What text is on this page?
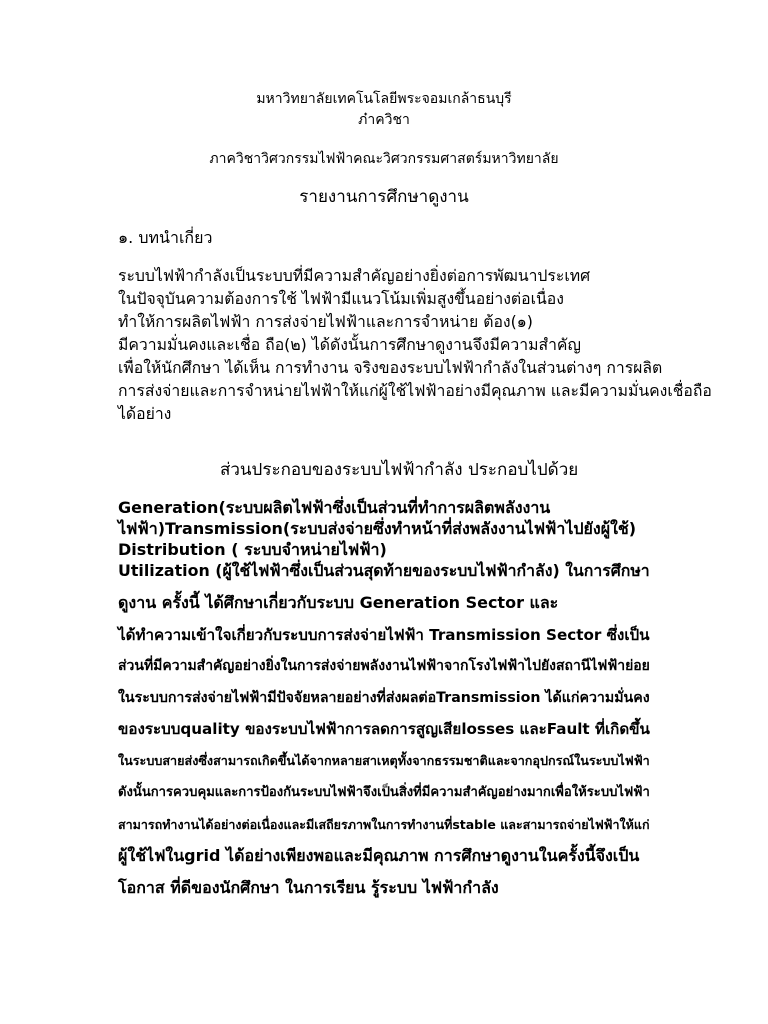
มหาวิทยาลัยเทคโนโลยีพระจอมเกล้าธนบุรี
ภ๋าควิชา
ภาควิชาวิศวกรรมไฟฟ้าคณะวิศวกรรมศาสตร์มหาวิทยาลัย
รายงานการศึกษาดูงาน
๑. บทนำเกี่ยว
ระบบไฟฟ้ากำลังเป็นระบบที่มีความสำคัญอย่างยิ่งต่อการพัฒนาประเทศ
ในปัจจุบันความต้องการใช้ ไฟฟ้ามีแนวโน้มเพิ่มสูงขึ้นอย่างต่อเนื่อง
ทำให้การผลิตไฟฟ้า การส่งจ่ายไฟฟ้าและการจำหน่าย ต้อง(๑)
มีความมั่นคงและเชื่อ ถือ(๒) ได้ดังนั้นการศึกษาดูงานจึงมีความสำคัญ
เพื่อให้นักศึกษา ได้เห็น การทำงาน จริงของระบบไฟฟ้ากำลังในส่วนต่างๆ การผลิต
การส่งจ่ายและการจำหน่ายไฟฟ้าให้แก่ผู้ใช้ไฟฟ้าอย่างมีคุณภาพ และมีความมั่นคงเชื่อถือ
ได้อย่าง
ส่วนประกอบของระบบไฟฟ้ากำลัง ประกอบไปด้วย
Generation(ระบบผลิตไฟฟ้าซึ่งเป็นส่วนที่ทำการผลิตพลังงาน
ไฟฟ้า)Transmission(ระบบส่งจ่ายซึ่งทำหน้าที่ส่งพลังงานไฟฟ้าไปยังผู้ใช้)
Distribution ( ระบบจำหน่ายไฟฟ้า)
Utilization (ผู้ใช้ไฟฟ้าซึ่งเป็นส่วนสุดท้ายของระบบไฟฟ้ากำลัง) ในการศึกษา
ดูงาน ครั้งนี้ ได้ศึกษาเกี่ยวกับระบบ Generation Sector และ
ได้ทำความเข้าใจเกี่ยวกับระบบการส่งจ่ายไฟฟ้า Transmission Sector ซึ่งเป็น
ส่วนที่มีความสำคัญอย่างยิ่งในการส่งจ่ายพลังงานไฟฟ้าจากโรงไฟฟ้าไปยังสถานีไฟฟ้าย่อย
ในระบบการส่งจ่ายไฟฟ้ามีปัจจัยหลายอย่างที่ส่งผลต่อTransmission ได้แก่ความมั่นคง
ของระบบquality ของระบบไฟฟ้าการลดการสูญเสียlosses และFault ที่เกิดขึ้น
ในระบบสายส่งซึ่งสามารถเกิดขึ้นได้จากหลายสาเหตุทั้งจากธรรมชาติและจากอุปกรณ์ในระบบไฟฟ้า
ดังนั้นการควบคุมและการป้องกันระบบไฟฟ้าจึงเป็นสิ่งที่มีความสำคัญอย่างมากเพื่อให้ระบบไฟฟ้า
สามารถทำงานได้อย่างต่อเนื่องและมีเสถียรภาพในการทำงานที่stable และสามารถจ่ายไฟฟ้าให้แก่
ผู้ใช้ไฟในgrid ได้อย่างเพียงพอและมีคุณภาพ การศึกษาดูงานในครั้งนี้จึงเป็น
โอกาส ที่ดีของนักศึกษา ในการเรียน รู้ระบบ ไฟฟ้ากำลัง
